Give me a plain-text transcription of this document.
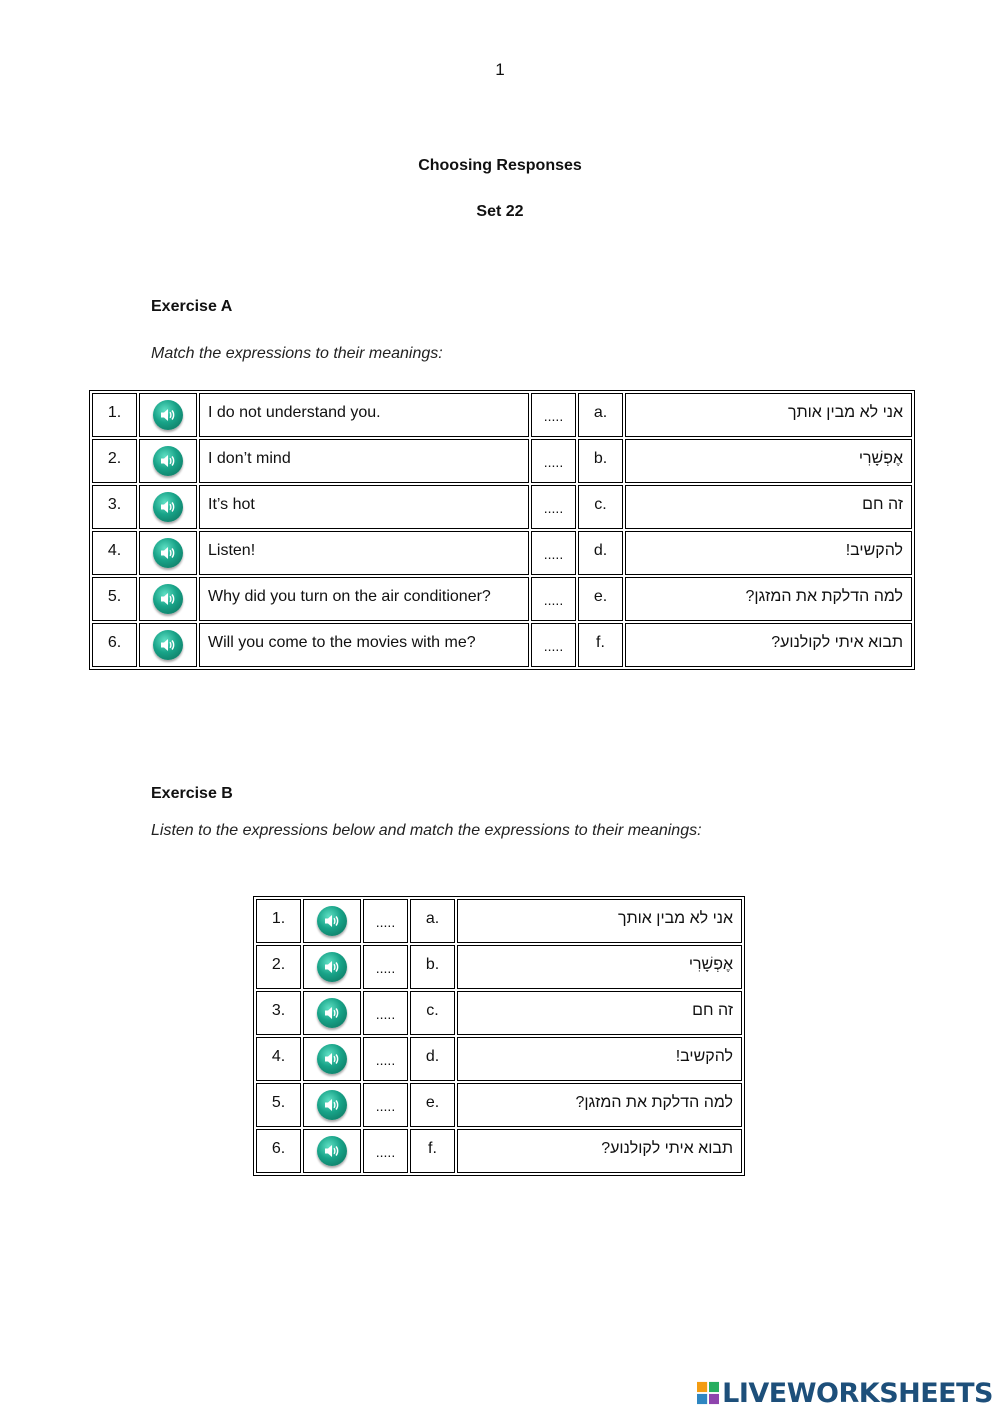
1
Choosing Responses
Set 22
Exercise A
Match the expressions to their meanings:
1.		I do not understand you.	.....	a.	אני לא מבין אותך
2.		I don’t mind	.....	b.	אֶפְשָׁרִי
3.		It’s hot	.....	c.	זה חם
4.		Listen!	.....	d.	להקשיב!
5.		Why did you turn on the air conditioner?	.....	e.	למה הדלקת את המזגן?
6.		Will you come to the movies with me?	.....	f.	תבוא איתי לקולנוע?
Exercise B
Listen to the expressions below and match the expressions to their meanings:
1.		.....	a.	אני לא מבין אותך
2.		.....	b.	אֶפְשָׁרִי
3.		.....	c.	זה חם
4.		.....	d.	להקשיב!
5.		.....	e.	למה הדלקת את המזגן?
6.		.....	f.	תבוא איתי לקולנוע?
LIVEWORKSHEETS
